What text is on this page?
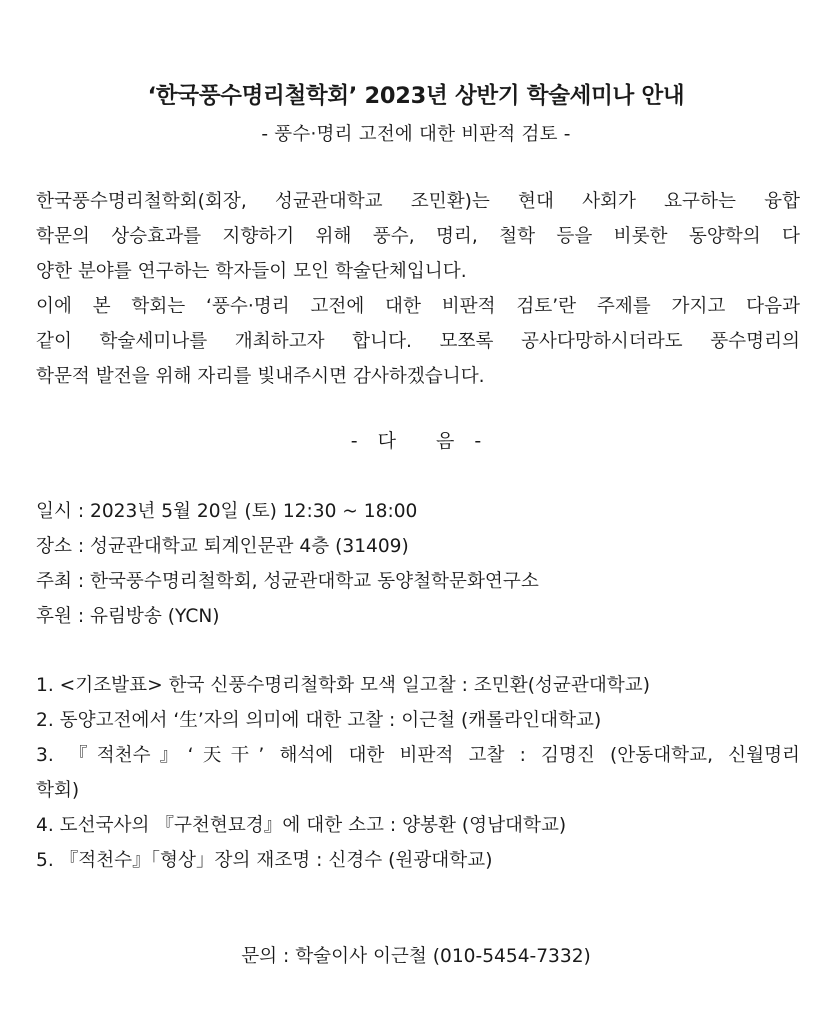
‘한국풍수명리철학회’ 2023년 상반기 학술세미나 안내
- 풍수·명리 고전에 대한 비판적 검토 -
한국풍수명리철학회(회장, 성균관대학교 조민환)는 현대 사회가 요구하는 융합
학문의 상승효과를 지향하기 위해 풍수, 명리, 철학 등을 비롯한 동양학의 다
양한 분야를 연구하는 학자들이 모인 학술단체입니다.
이에 본 학회는 ‘풍수·명리 고전에 대한 비판적 검토’란 주제를 가지고 다음과
같이 학술세미나를 개최하고자 합니다. 모쪼록 공사다망하시더라도 풍수명리의
학문적 발전을 위해 자리를 빛내주시면 감사하겠습니다.
- 다  음 -
일시 : 2023년 5월 20일 (토) 12:30 ~ 18:00
장소 : 성균관대학교 퇴계인문관 4층 (31409)
주최 : 한국풍수명리철학회, 성균관대학교 동양철학문화연구소
후원 : 유림방송 (YCN)
1. <기조발표> 한국 신풍수명리철학화 모색 일고찰 : 조민환(성균관대학교)
2. 동양고전에서 ‘生’자의 의미에 대한 고찰 : 이근철 (캐롤라인대학교)
3. 『적천수』‘天干’ 해석에 대한 비판적 고찰 : 김명진 (안동대학교, 신월명리
학회)
4. 도선국사의 『구천현묘경』에 대한 소고 : 양봉환 (영남대학교)
5. 『적천수』「형상」장의 재조명 : 신경수 (원광대학교)
문의 : 학술이사 이근철 (010-5454-7332)
